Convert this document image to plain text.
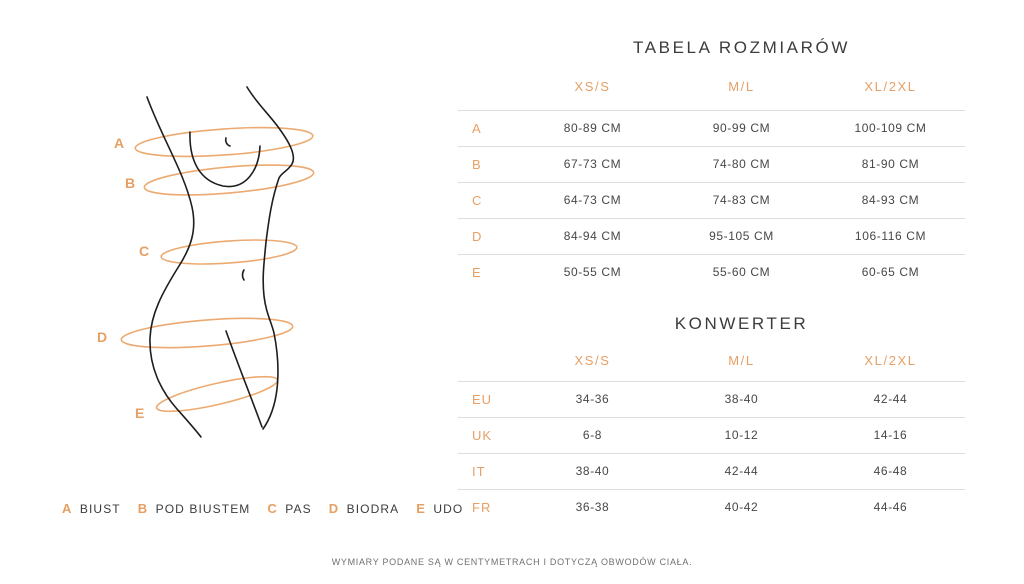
A
B
C
D
E
TABELA ROZMIARÓW
	XS/S	M/L	XL/2XL
A	80-89 CM	90-99 CM	100-109 CM
B	67-73 CM	74-80 CM	81-90 CM
C	64-73 CM	74-83 CM	84-93 CM
D	84-94 CM	95-105 CM	106-116 CM
E	50-55 CM	55-60 CM	60-65 CM
KONWERTER
	XS/S	M/L	XL/2XL
EU	34-36	38-40	42-44
UK	6-8	10-12	14-16
IT	38-40	42-44	46-48
FR	36-38	40-42	44-46
A BIUST B POD BIUSTEM C PAS D BIODRA E UDO
WYMIARY PODANE SĄ W CENTYMETRACH I DOTYCZĄ OBWODÓW CIAŁA.
